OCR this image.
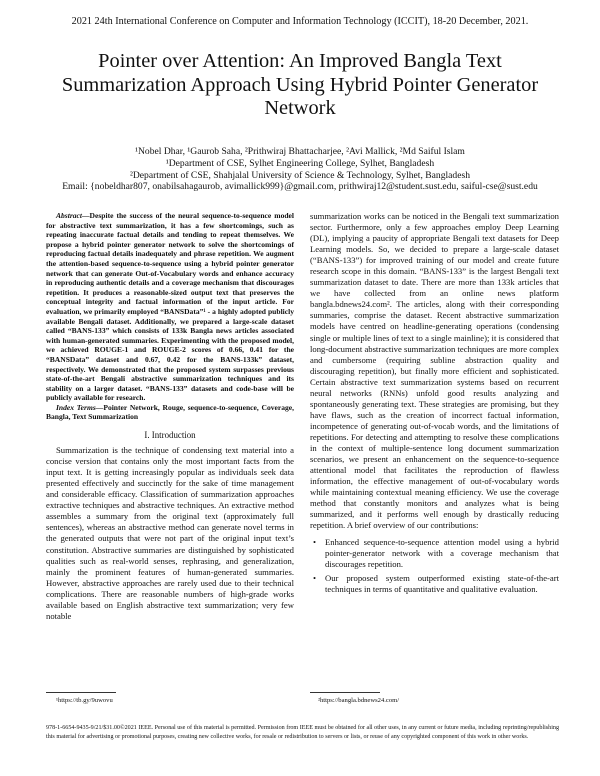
2021 24th International Conference on Computer and Information Technology (ICCIT), 18-20 December, 2021.
Pointer over Attention: An Improved Bangla Text Summarization Approach Using Hybrid Pointer Generator Network
¹Nobel Dhar, ¹Gaurob Saha, ²Prithwiraj Bhattacharjee, ²Avi Mallick, ²Md Saiful Islam
¹Department of CSE, Sylhet Engineering College, Sylhet, Bangladesh
²Department of CSE, Shahjalal University of Science & Technology, Sylhet, Bangladesh
Email: {nobeldhar807, onabilsahagaurob, avimallick999}@gmail.com, prithwiraj12@student.sust.edu, saiful-cse@sust.edu

Abstract—Despite the success of the neural sequence-to-sequence model for abstractive text summarization, it has a few shortcomings, such as repeating inaccurate factual details and tending to repeat themselves. We propose a hybrid pointer generator network to solve the shortcomings of reproducing factual details inadequately and phrase repetition. We augment the attention-based sequence-to-sequence using a hybrid pointer generator network that can generate Out-of-Vocabulary words and enhance accuracy in reproducing authentic details and a coverage mechanism that discourages repetition. It produces a reasonable-sized output text that preserves the conceptual integrity and factual information of the input article. For evaluation, we primarily employed “BANSData”¹ - a highly adopted publicly available Bengali dataset. Additionally, we prepared a large-scale dataset called “BANS-133” which consists of 133k Bangla news articles associated with human-generated summaries. Experimenting with the proposed model, we achieved ROUGE-1 and ROUGE-2 scores of 0.66, 0.41 for the “BANSData” dataset and 0.67, 0.42 for the BANS-133k” dataset, respectively. We demonstrated that the proposed system surpasses previous state-of-the-art Bengali abstractive summarization techniques and its stability on a larger dataset. “BANS-133” datasets and code-base will be publicly available for research.

Index Terms—Pointer Network, Rouge, sequence-to-sequence, Coverage, Bangla, Text Summarization

I. Introduction

Summarization is the technique of condensing text material into a concise version that contains only the most important facts from the input text. It is getting increasingly popular as individuals seek data presented effectively and succinctly for the sake of time management and considerable efficacy. Classification of summarization approaches extractive techniques and abstractive techniques. An extractive method assembles a summary from the original text (approximately full sentences), whereas an abstractive method can generate novel terms in the generated outputs that were not part of the original input text’s constitution. Abstractive summaries are distinguished by sophisticated qualities such as real-world senses, rephrasing, and generalization, mainly the prominent features of human-generated summaries. However, abstractive approaches are rarely used due to their technical complications. There are reasonable numbers of high-grade works available based on English abstractive text summarization; very few notable

summarization works can be noticed in the Bengali text summarization sector. Furthermore, only a few approaches employ Deep Learning (DL), implying a paucity of appropriate Bengali text datasets for Deep Learning models. So, we decided to prepare a large-scale dataset (“BANS-133”) for improved training of our model and create future research scope in this domain. “BANS-133” is the largest Bengali text summarization dataset to date. There are more than 133k articles that we have collected from an online news platform bangla.bdnews24.com². The articles, along with their corresponding summaries, comprise the dataset. Recent abstractive summarization models have centred on headline-generating operations (condensing single or multiple lines of text to a single mainline); it is considered that long-document abstractive summarization techniques are more complex and cumbersome (requiring subline abstraction quality and discouraging repetition), but finally more efficient and sophisticated. Certain abstractive text summarization systems based on recurrent neural networks (RNNs) unfold good results analyzing and spontaneously generating text. These strategies are promising, but they have flaws, such as the creation of incorrect factual information, incompetence of generating out-of-vocab words, and the limitations of repetitions. For detecting and attempting to resolve these complications in the context of multiple-sentence long document summarization scenarios, we present an enhancement on the sequence-to-sequence attentional model that facilitates the reproduction of flawless information, the effective management of out-of-vocabulary words while maintaining contextual meaning efficiency. We use the coverage method that constantly monitors and analyzes what is being summarized, and it performs well enough by drastically reducing repetition. A brief overview of our contributions:

• Enhanced sequence-to-sequence attention model using a hybrid pointer-generator network with a coverage mechanism that discourages repetition.
• Our proposed system outperformed existing state-of-the-art techniques in terms of quantitative and qualitative evaluation.
¹https://tb.gy/9uwovu	²https://bangla.bdnews24.com/
978-1-6654-9435-9/21/$31.00©2021 IEEE. Personal use of this material is permitted. Permission from IEEE must be obtained for all other uses, in any current or future media, including reprinting/republishing this material for advertising or promotional purposes, creating new collective works, for resale or redistribution to servers or lists, or reuse of any copyrighted component of this work in other works.
